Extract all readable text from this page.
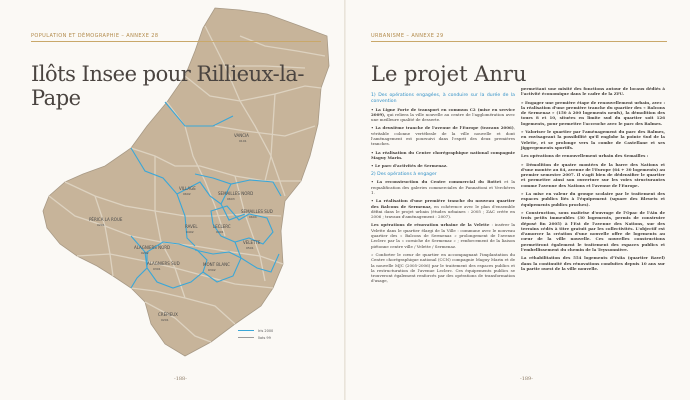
VANCIA
0101
VILLAGE
0602	SEMAILLES NORD
0603
PÉRICA LA ROUE
0201
SEMAILLES SUD
0604
RAVEL
0402
LECLERC
0401
VELETTE
0501
ALAGNIERS NORD
0202
MONT BLANC
0302
ALAGNIERS SUD
0301
CRÉPIEUX
0201
POPULATION ET DÉMOGRAPHIE – ANNEXE 28
Ilôts Insee pour Rillieux-la-Pape
Iris 2000
îlots 99
-188-
URBANISME – ANNEXE 29
Le projet Anru
1) Des opérations engagées, à conduire sur la durée de la convention

• La Ligne Forte de transport en commun C2 (mise en service 2009), qui reliera la ville nouvelle au centre de l'agglomération avec une meilleure qualité de desserte.

• La deuxième tranche de l'avenue de l'Europe (travaux 2006), véritable colonne vertébrale de la ville nouvelle et dont l'aménagement est poursuivi dans l'esprit des deux premières tranches.

• La réalisation du Centre chorégraphique national compagnie Maguy Marin.

• Le parc d'activités de Sermenaz.

2) Des opérations à engager

• La reconstruction du Centre commercial du Bottet et la requalification des galeries commerciales de Pannattoni et Verchères 1.

• La réalisation d'une première tranche du nouveau quartier des Balcons de Sermenaz, en cohérence avec le plan d'ensemble défini dans le projet urbain (études urbaines : 2005 ; ZAC créée en 2006 ; travaux d'aménagement : 2007).

Les opérations de rénovation urbaine de la Velette : insérer la Velette dans le quartier élargi de la Ville : commune avec le nouveau quartier des « Balcons de Sermenaz » prolongement de l'avenue Leclerc par la « corniche de Sermenaz » ; renforcement de la liaison piétonne centre ville / Velette / Sermenaz.

» Conforter le cœur de quartier en accompagnant l'implantation du Centre chorégraphique national (CCN) compagnie Maguy Marin et de la nouvelle MJC (2005-2006) par le traitement des espaces publics et la restructuration de l'avenue Leclerc. Ces équipements publics se trouveront également renforcés par des opérations de transformation d'usage,

permettant une mixité des fonctions autour de locaux dédiés à l'activité économique dans le cadre de la ZFU.

» Engager une première étape de renouvellement urbain, avec : la réalisation d'une première tranche du quartier des « Balcons de Sermenaz » (150 à 200 logements neufs), la démolition des tours 8 et 10, situées en limite sud du quartier soit 126 logements, pour permettre l'accroche avec le parc des Balmes.

» Valoriser le quartier par l'aménagement du parc des Balmes, en envisageant la possibilité qu'il englobe la pointe Sud de la Velette, et se prolonge vers la combe de Castellane et ses jiggergements sportifs.

Les opérations de renouvellement urbain des Semailles :

» Démolition de quatre montées de la barre des Nations et d'une montée au 84, avenue de l'Europe (64 + 30 logements) au premier semestre 2007. Il s'agit bien de dédensifier le quartier et permettre ainsi son ouverture sur les voies structurantes comme l'avenue des Nations et l'avenue de l'Europe.

» La mise en valeur du groupe scolaire par le traitement des espaces publics liés à l'équipement (square des Bleuets et équipements publics proches).

» Construction, sous maîtrise d'ouvrage de l'Opac de l'Ain de trois petits immeubles (30 logements, permis de construire déposé fin 2005) à l'Est de l'avenue des Nations, sur des terrains cédés à titre gratuit par les collectivités. L'objectif est d'amorcer la création d'une nouvelle offre de logements au cœur de la ville nouvelle. Ces nouvelles constructions permettront également le traitement des espaces publics et l'embellissement du chemin de la Teyssonnière.

La réhabilitation des 554 logements d'Ysiia (quartier Ravel) dans la continuité des rénovations conduites depuis 10 ans sur la partie ouest de la ville nouvelle.

-189-
